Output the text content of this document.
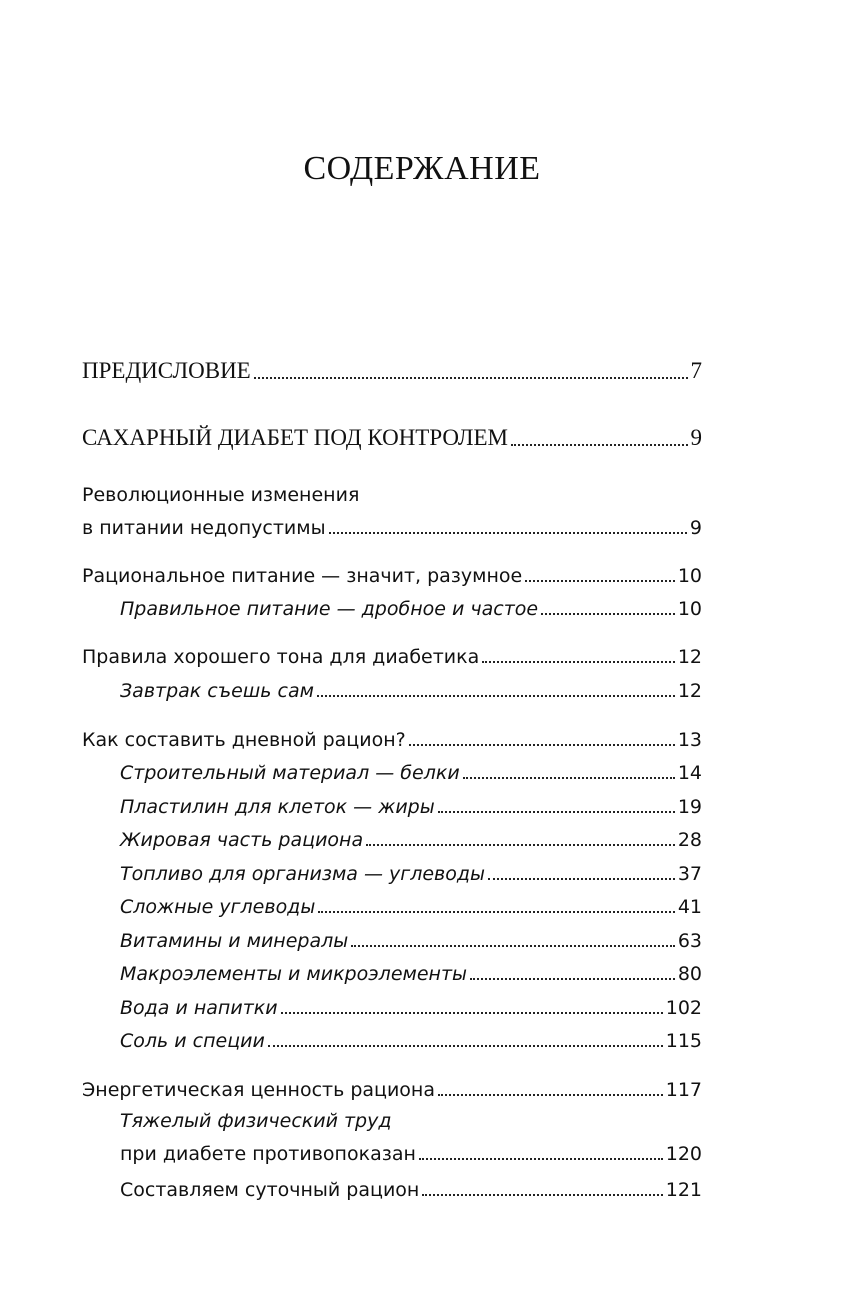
СОДЕРЖАНИЕ
ПРЕДИСЛОВИЕ	7
САХАРНЫЙ ДИАБЕТ ПОД КОНТРОЛЕМ	9
Революционные изменения
в питании недопустимы	9
Рациональное питание — значит, разумное	10
Правильное питание — дробное и частое	10
Правила хорошего тона для диабетика	12
Завтрак съешь сам	12
Как составить дневной рацион?	13
Строительный материал — белки	14
Пластилин для клеток — жиры	19
Жировая часть рациона	28
Топливо для организма — углеводы	37
Сложные углеводы	41
Витамины и минералы	63
Макроэлементы и микроэлементы	80
Вода и напитки	102
Соль и специи	115
Энергетическая ценность рациона	117
Тяжелый физический труд
при диабете противопоказан	120
Составляем суточный рацион	121
